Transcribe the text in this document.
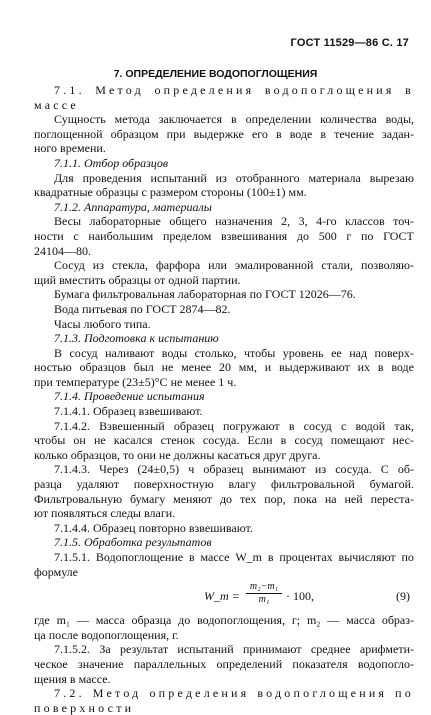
ГОСТ 11529—86 С. 17
7. ОПРЕДЕЛЕНИЕ ВОДОПОГЛОЩЕНИЯ
7.1. Метод определения водопоглощения в
массе
Сущность метода заключается в определении количества воды,
поглощенной образцом при выдержке его в воде в течение задан-
ного времени.
7.1.1. Отбор образцов
Для проведения испытаний из отобранного материала вырезаю
квадратные образцы с размером стороны (100±1) мм.
7.1.2. Аппаратура, материалы
Весы лабораторные общего назначения 2, 3, 4-го классов точ-
ности с наибольшим пределом взвешивания до 500 г по ГОСТ
24104—80.
Сосуд из стекла, фарфора или эмалированной стали, позволяю-
щий вместить образцы от одной партии.
Бумага фильтровальная лабораторная по ГОСТ 12026—76.
Вода питьевая по ГОСТ 2874—82.
Часы любого типа.
7.1.3. Подготовка к испытанию
В сосуд наливают воды столько, чтобы уровень ее над поверх-
ностью образцов был не менее 20 мм, и выдерживают их в воде
при температуре (23±5)°С не менее 1 ч.
7.1.4. Проведение испытания
7.1.4.1. Образец взвешивают.
7.1.4.2. Взвешенный образец погружают в сосуд с водой так,
чтобы он не касался стенок сосуда. Если в сосуд помещают нес-
колько образцов, то они не должны касаться друг друга.
7.1.4.3. Через (24±0,5) ч образец вынимают из сосуда. С об-
разца удаляют поверхностную влагу фильтровальной бумагой.
Фильтровальную бумагу меняют до тех пор, пока на ней переста-
ют появляться следы влаги.
7.1.4.4. Образец повторно взвешивают.
7.1.5. Обработка результатов
7.1.5.1. Водопоглощение в массе W_m в процентах вычисляют по
формуле
W_m = $\frac{\text{m₂−m₁}}{\text{m₁}} \cdot 100$,	(9)
где m₁ — масса образца до водопоглощения, г; m₂ — масса образ-
ца после водопоглощения, г.
7.1.5.2. За результат испытаний принимают среднее арифмети-
ческое значение параллельных определений показателя водопогло-
щения в массе.
7.2. Метод определения водопоглощения по
поверхности
